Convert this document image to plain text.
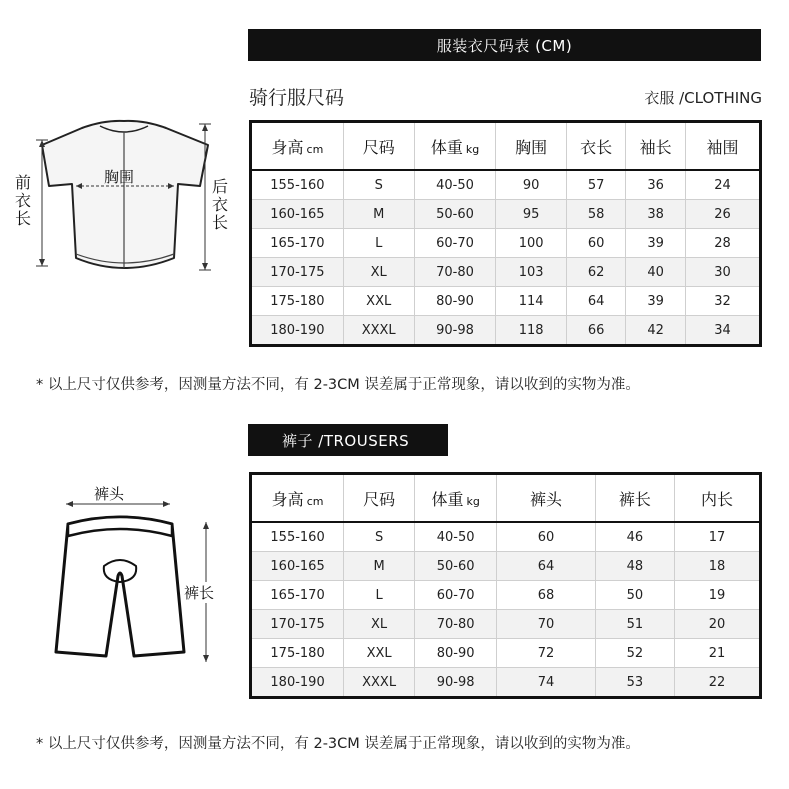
服装衣尺码表 (CM)
骑行服尺码	衣服 /CLOTHING
胸围
前衣长
后衣长
身高 cm	尺码	体重 kg	胸围	衣长	袖长	袖围
155-160	S	40-50	90	57	36	24
160-165	M	50-60	95	58	38	26
165-170	L	60-70	100	60	39	28
170-175	XL	70-80	103	62	40	30
175-180	XXL	80-90	114	64	39	32
180-190	XXXL	90-98	118	66	42	34
* 以上尺寸仅供参考，因测量方法不同，有 2-3CM 误差属于正常现象，请以收到的实物为准。
裤子 /TROUSERS
裤头
裤长
身高 cm	尺码	体重 kg	裤头	裤长	内长
155-160	S	40-50	60	46	17
160-165	M	50-60	64	48	18
165-170	L	60-70	68	50	19
170-175	XL	70-80	70	51	20
175-180	XXL	80-90	72	52	21
180-190	XXXL	90-98	74	53	22
* 以上尺寸仅供参考，因测量方法不同，有 2-3CM 误差属于正常现象，请以收到的实物为准。
